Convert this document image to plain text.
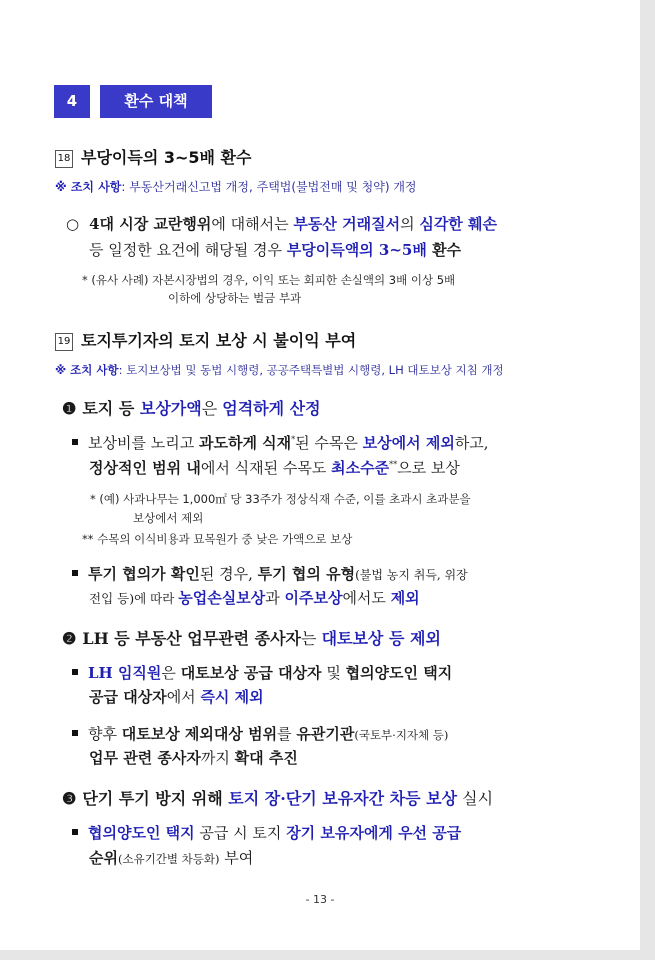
4	환수 대책
18 부당이득의 3~5배 환수
※ 조치 사항: 부동산거래신고법 개정, 주택법(불법전매 및 청약) 개정
○ 4대 시장 교란행위에 대해서는 부동산 거래질서의 심각한 훼손
등 일정한 요건에 해당될 경우 부당이득액의 3~5배 환수
* (유사 사례) 자본시장법의 경우, 이익 또는 회피한 손실액의 3배 이상 5배
이하에 상당하는 벌금 부과
19 토지투기자의 토지 보상 시 불이익 부여
※ 조치 사항: 토지보상법 및 동법 시행령, 공공주택특별법 시행령, LH 대토보상 지침 개정
❶ 토지 등 보상가액은 엄격하게 산정
보상비를 노리고 과도하게 식재*된 수목은 보상에서 제외하고,
정상적인 범위 내에서 식재된 수목도 최소수준**으로 보상
* (예) 사과나무는 1,000㎡ 당 33주가 정상식재 수준, 이를 초과시 초과분을
보상에서 제외
** 수목의 이식비용과 묘목원가 중 낮은 가액으로 보상
투기 협의가 확인된 경우, 투기 협의 유형(불법 농지 취득, 위장
전입 등)에 따라 농업손실보상과 이주보상에서도 제외
❷ LH 등 부동산 업무관련 종사자는 대토보상 등 제외
LH 임직원은 대토보상 공급 대상자 및 협의양도인 택지
공급 대상자에서 즉시 제외
향후 대토보상 제외대상 범위를 유관기관(국토부·지자체 등)
업무 관련 종사자까지 확대 추진
❸ 단기 투기 방지 위해 토지 장·단기 보유자간 차등 보상 실시
협의양도인 택지 공급 시 토지 장기 보유자에게 우선 공급
순위(소유기간별 차등화) 부여
- 13 -
